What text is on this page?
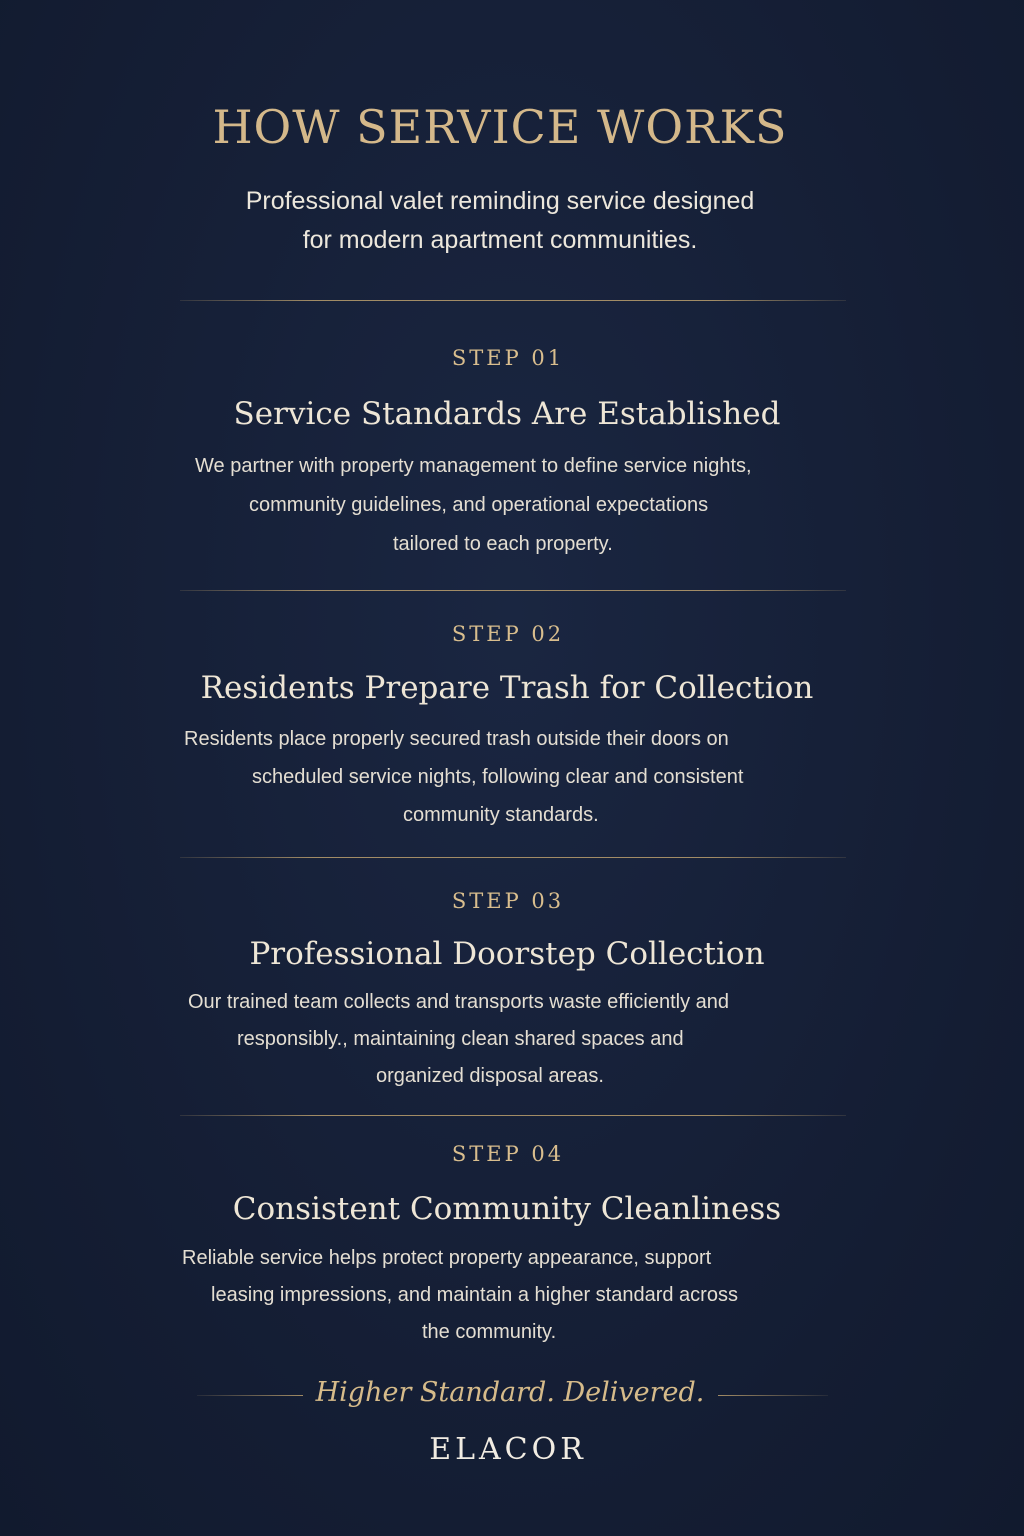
HOW SERVICE WORKS

Professional valet reminding service designed
for modern apartment communities.

STEP 01
Service Standards Are Established

We partner with property management to define service nights,
community guidelines, and operational expectations
tailored to each property.

STEP 02
Residents Prepare Trash for Collection

Residents place properly secured trash outside their doors on
scheduled service nights, following clear and consistent
community standards.

STEP 03
Professional Doorstep Collection

Our trained team collects and transports waste efficiently and
responsibly., maintaining clean shared spaces and
organized disposal areas.

STEP 04
Consistent Community Cleanliness

Reliable service helps protect property appearance, support
leasing impressions, and maintain a higher standard across
the community.

Higher Standard. Delivered.
ELACOR
